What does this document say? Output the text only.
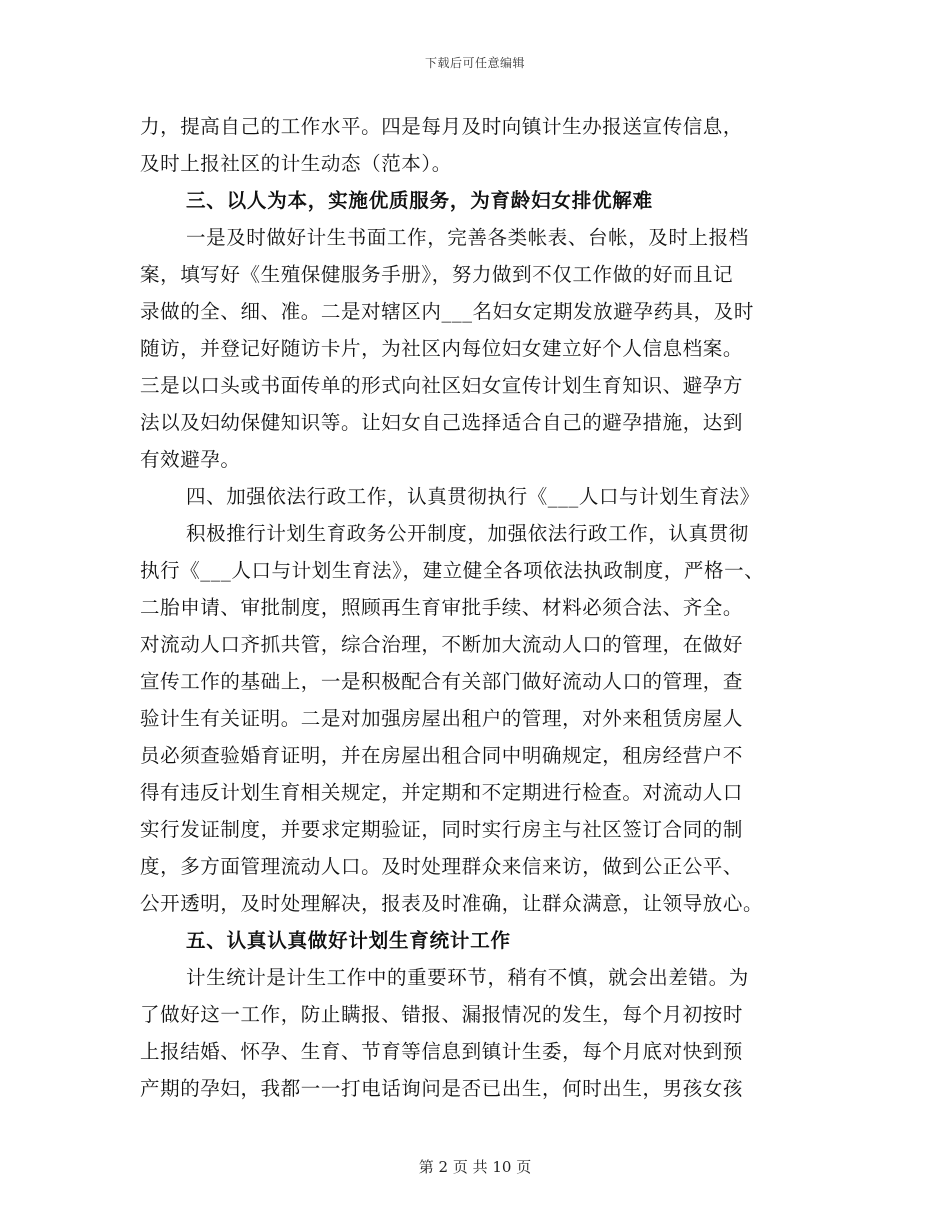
下载后可任意编辑
力，提高自己的工作水平。四是每月及时向镇计生办报送宣传信息，
及时上报社区的计生动态（范本）。
三、以人为本，实施优质服务，为育龄妇女排优解难
一是及时做好计生书面工作，完善各类帐表、台帐，及时上报档
案，填写好《生殖保健服务手册》，努力做到不仅工作做的好而且记
录做的全、细、准。二是对辖区内___名妇女定期发放避孕药具，及时
随访，并登记好随访卡片，为社区内每位妇女建立好个人信息档案。
三是以口头或书面传单的形式向社区妇女宣传计划生育知识、避孕方
法以及妇幼保健知识等。让妇女自己选择适合自己的避孕措施，达到
有效避孕。
四、加强依法行政工作，认真贯彻执行《___人口与计划生育法》
积极推行计划生育政务公开制度，加强依法行政工作，认真贯彻
执行《___人口与计划生育法》，建立健全各项依法执政制度，严格一、
二胎申请、审批制度，照顾再生育审批手续、材料必须合法、齐全。
对流动人口齐抓共管，综合治理，不断加大流动人口的管理，在做好
宣传工作的基础上，一是积极配合有关部门做好流动人口的管理，查
验计生有关证明。二是对加强房屋出租户的管理，对外来租赁房屋人
员必须查验婚育证明，并在房屋出租合同中明确规定，租房经营户不
得有违反计划生育相关规定，并定期和不定期进行检查。对流动人口
实行发证制度，并要求定期验证，同时实行房主与社区签订合同的制
度，多方面管理流动人口。及时处理群众来信来访，做到公正公平、
公开透明，及时处理解决，报表及时准确，让群众满意，让领导放心。
五、认真认真做好计划生育统计工作
计生统计是计生工作中的重要环节，稍有不慎，就会出差错。为
了做好这一工作，防止瞒报、错报、漏报情况的发生，每个月初按时
上报结婚、怀孕、生育、节育等信息到镇计生委，每个月底对快到预
产期的孕妇，我都一一打电话询问是否已出生，何时出生，男孩女孩
第 2 页 共 10 页
